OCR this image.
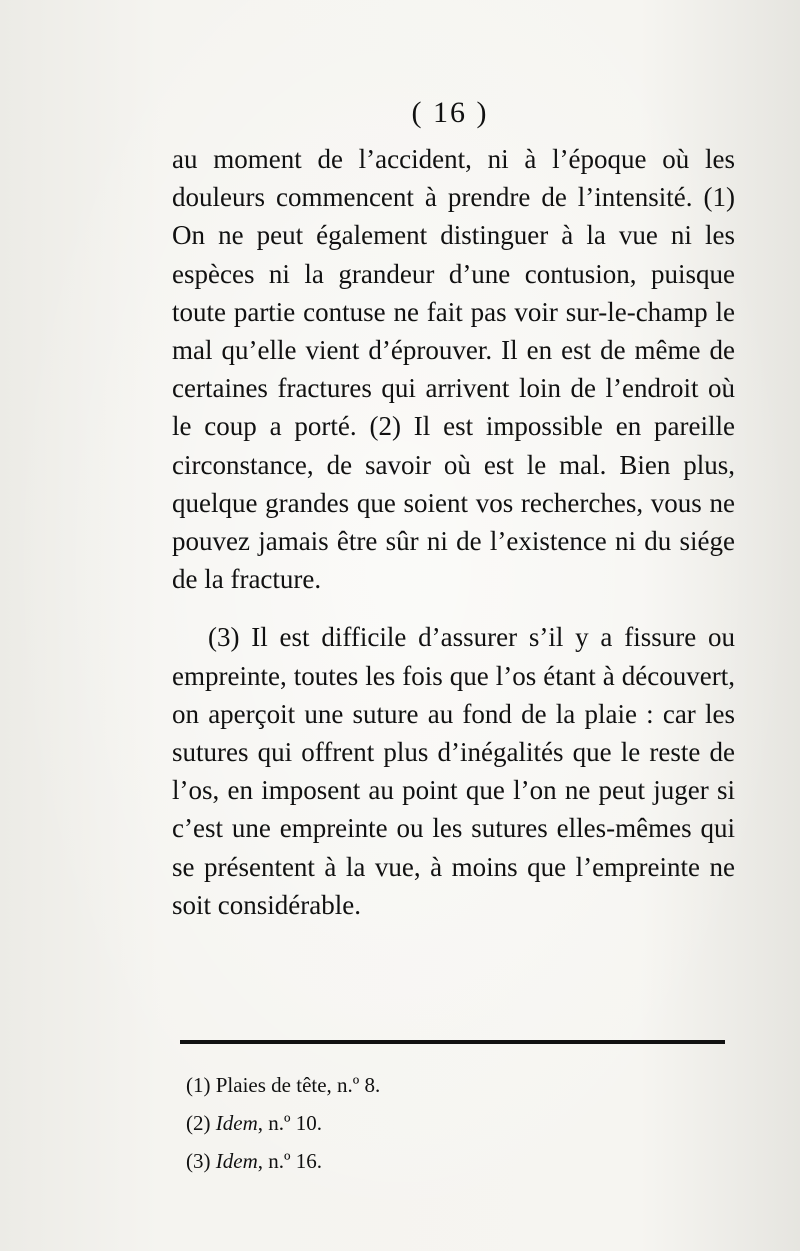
( 16 )

au moment de l’accident, ni à l’époque où les douleurs commencent à prendre de l’intensité. (1) On ne peut également distinguer à la vue ni les espèces ni la grandeur d’une contusion, puisque toute partie contuse ne fait pas voir sur-le-champ le mal qu’elle vient d’éprouver. Il en est de même de certaines fractures qui arrivent loin de l’endroit où le coup a porté. (2) Il est impossible en pareille circonstance, de savoir où est le mal. Bien plus, quelque grandes que soient vos recherches, vous ne pouvez jamais être sûr ni de l’existence ni du siége de la fracture.

(3) Il est difficile d’assurer s’il y a fissure ou empreinte, toutes les fois que l’os étant à découvert, on aperçoit une suture au fond de la plaie : car les sutures qui offrent plus d’inégalités que le reste de l’os, en imposent au point que l’on ne peut juger si c’est une empreinte ou les sutures elles-mêmes qui se présentent à la vue, à moins que l’empreinte ne soit considérable.

(1) Plaies de tête, n.º 8.
(2) Idem, n.º 10.
(3) Idem, n.º 16.
